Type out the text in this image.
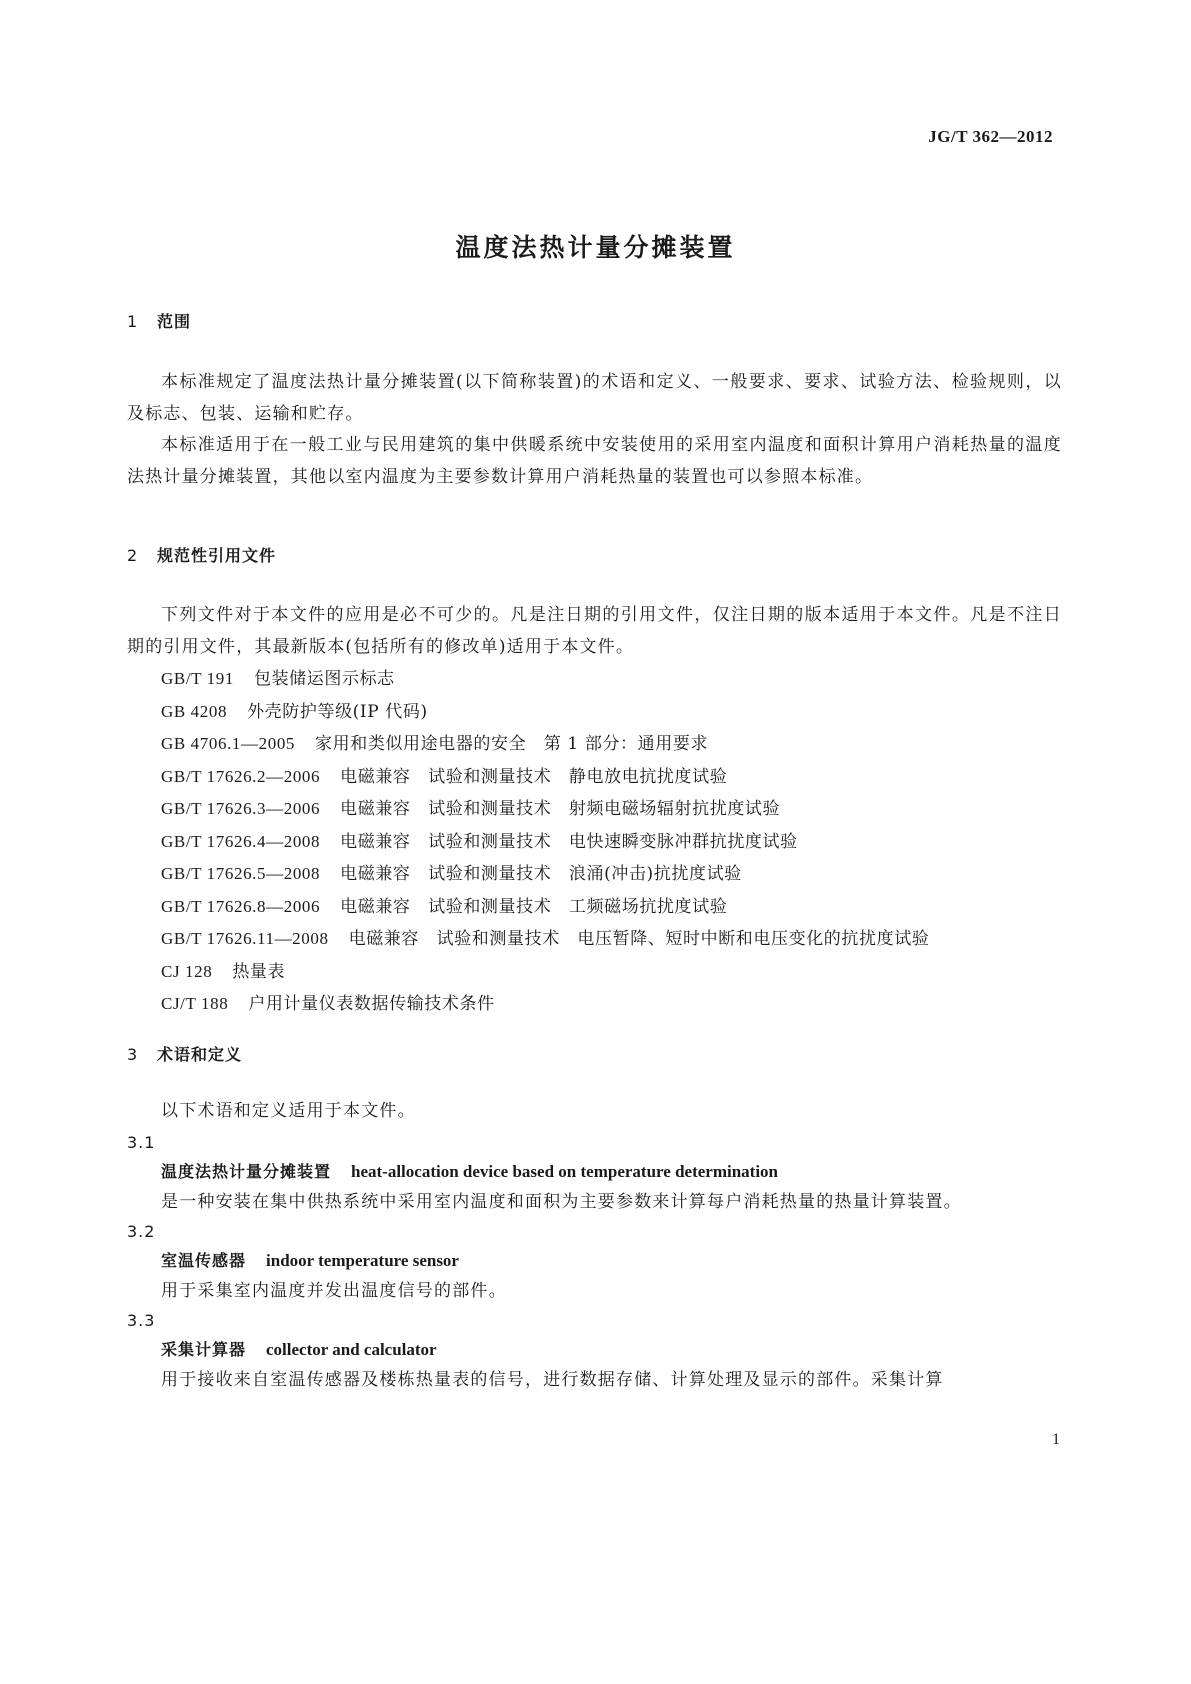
JG/T 362—2012
温度法热计量分摊装置
1 范围

本标准规定了温度法热计量分摊装置(以下简称装置)的术语和定义、一般要求、要求、试验方法、检验规则，以及标志、包装、运输和贮存。

本标准适用于在一般工业与民用建筑的集中供暖系统中安装使用的采用室内温度和面积计算用户消耗热量的温度法热计量分摊装置，其他以室内温度为主要参数计算用户消耗热量的装置也可以参照本标准。

2 规范性引用文件

下列文件对于本文件的应用是必不可少的。凡是注日期的引用文件，仅注日期的版本适用于本文件。凡是不注日期的引用文件，其最新版本(包括所有的修改单)适用于本文件。

GB/T 191 包装储运图示标志
GB 4208 外壳防护等级(IP 代码)
GB 4706.1—2005 家用和类似用途电器的安全　第 1 部分：通用要求
GB/T 17626.2—2006 电磁兼容　试验和测量技术　静电放电抗扰度试验
GB/T 17626.3—2006 电磁兼容　试验和测量技术　射频电磁场辐射抗扰度试验
GB/T 17626.4—2008 电磁兼容　试验和测量技术　电快速瞬变脉冲群抗扰度试验
GB/T 17626.5—2008 电磁兼容　试验和测量技术　浪涌(冲击)抗扰度试验
GB/T 17626.8—2006 电磁兼容　试验和测量技术　工频磁场抗扰度试验

GB/T 17626.11—2008 电磁兼容　试验和测量技术　电压暂降、短时中断和电压变化的抗扰度试验

CJ 128 热量表
CJ/T 188 户用计量仪表数据传输技术条件
3 术语和定义

以下术语和定义适用于本文件。

3.1
温度法热计量分摊装置 heat-allocation device based on temperature determination

是一种安装在集中供热系统中采用室内温度和面积为主要参数来计算每户消耗热量的热量计算装置。

3.2
室温传感器 indoor temperature sensor

用于采集室内温度并发出温度信号的部件。

3.3
采集计算器 collector and calculator

用于接收来自室温传感器及楼栋热量表的信号，进行数据存储、计算处理及显示的部件。采集计算

1
